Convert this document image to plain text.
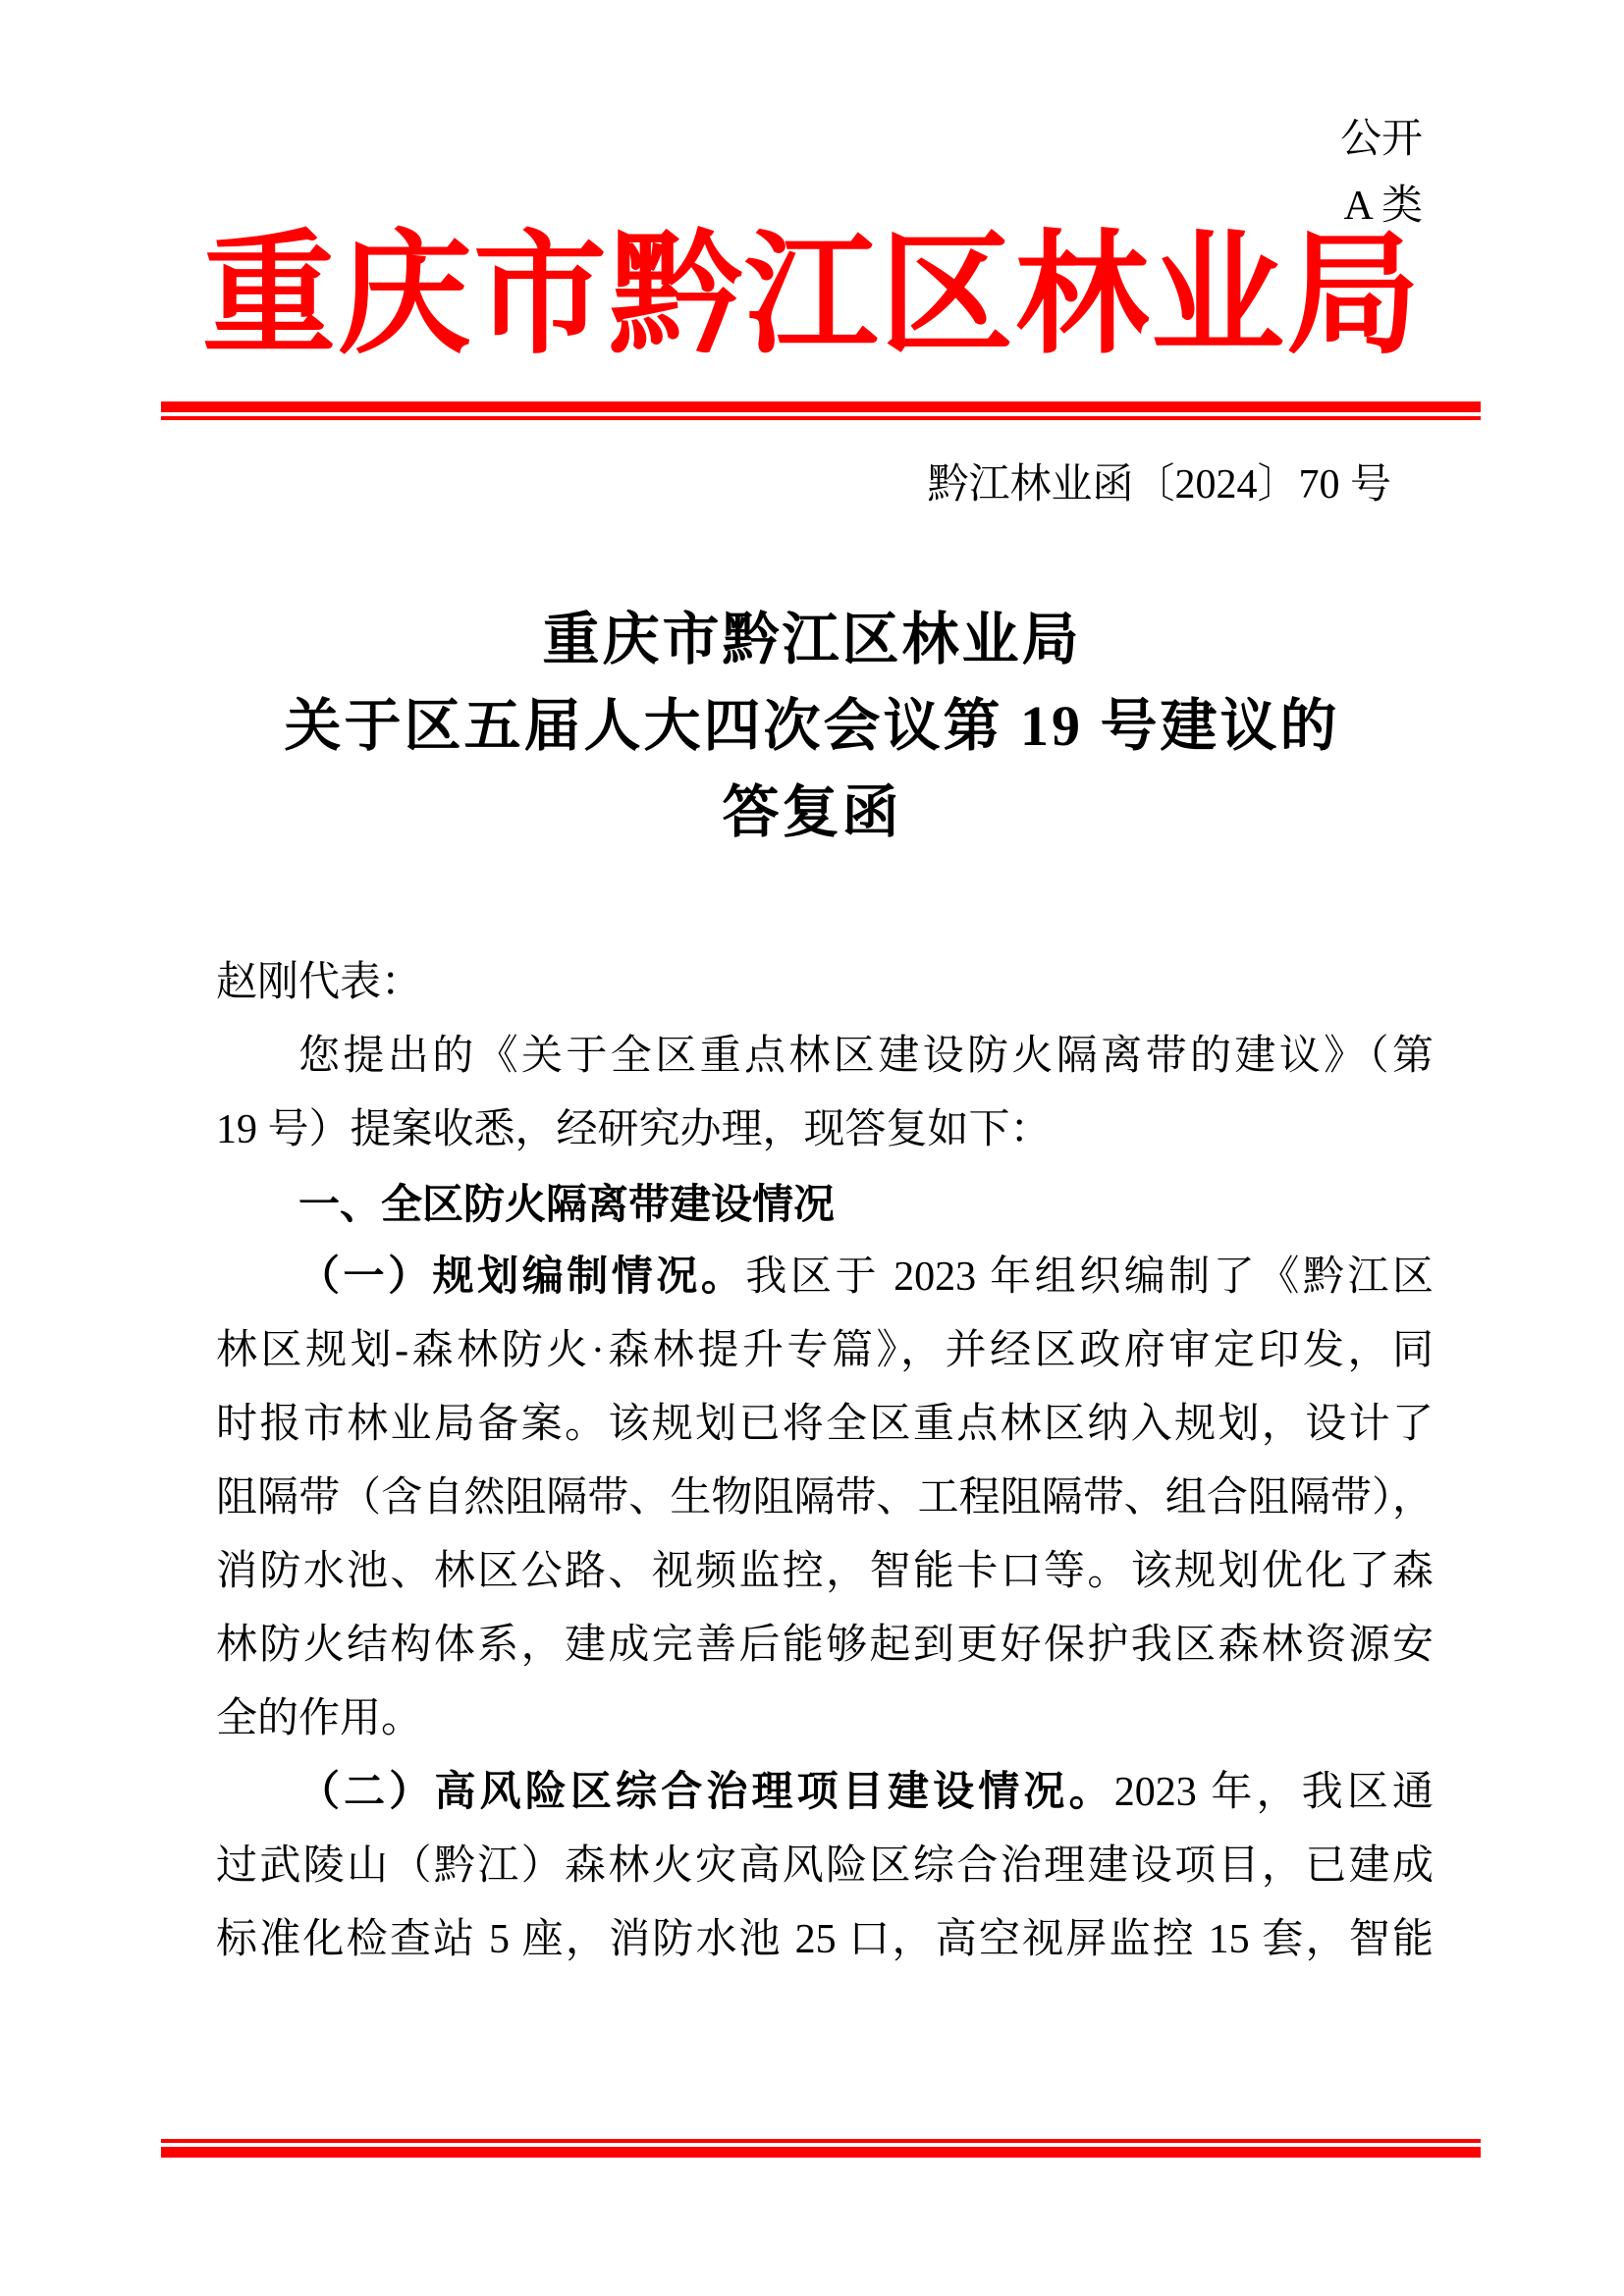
公开
A 类
重庆市黔江区林业局
黔江林业函〔2024〕70 号
重庆市黔江区林业局
关于区五届人大四次会议第 19 号建议的
答复函
赵刚代表：
您提出的《关于全区重点林区建设防火隔离带的建议》（第
19 号）提案收悉，经研究办理，现答复如下：
一、全区防火隔离带建设情况
（一）规划编制情况。我区于 2023 年组织编制了《黔江区
林区规划-森林防火·森林提升专篇》，并经区政府审定印发，同
时报市林业局备案。该规划已将全区重点林区纳入规划，设计了
阻隔带（含自然阻隔带、生物阻隔带、工程阻隔带、组合阻隔带），
消防水池、林区公路、视频监控，智能卡口等。该规划优化了森
林防火结构体系，建成完善后能够起到更好保护我区森林资源安
全的作用。
（二）高风险区综合治理项目建设情况。2023 年，我区通
过武陵山（黔江）森林火灾高风险区综合治理建设项目，已建成
标准化检查站 5 座，消防水池 25 口，高空视屏监控 15 套，智能
